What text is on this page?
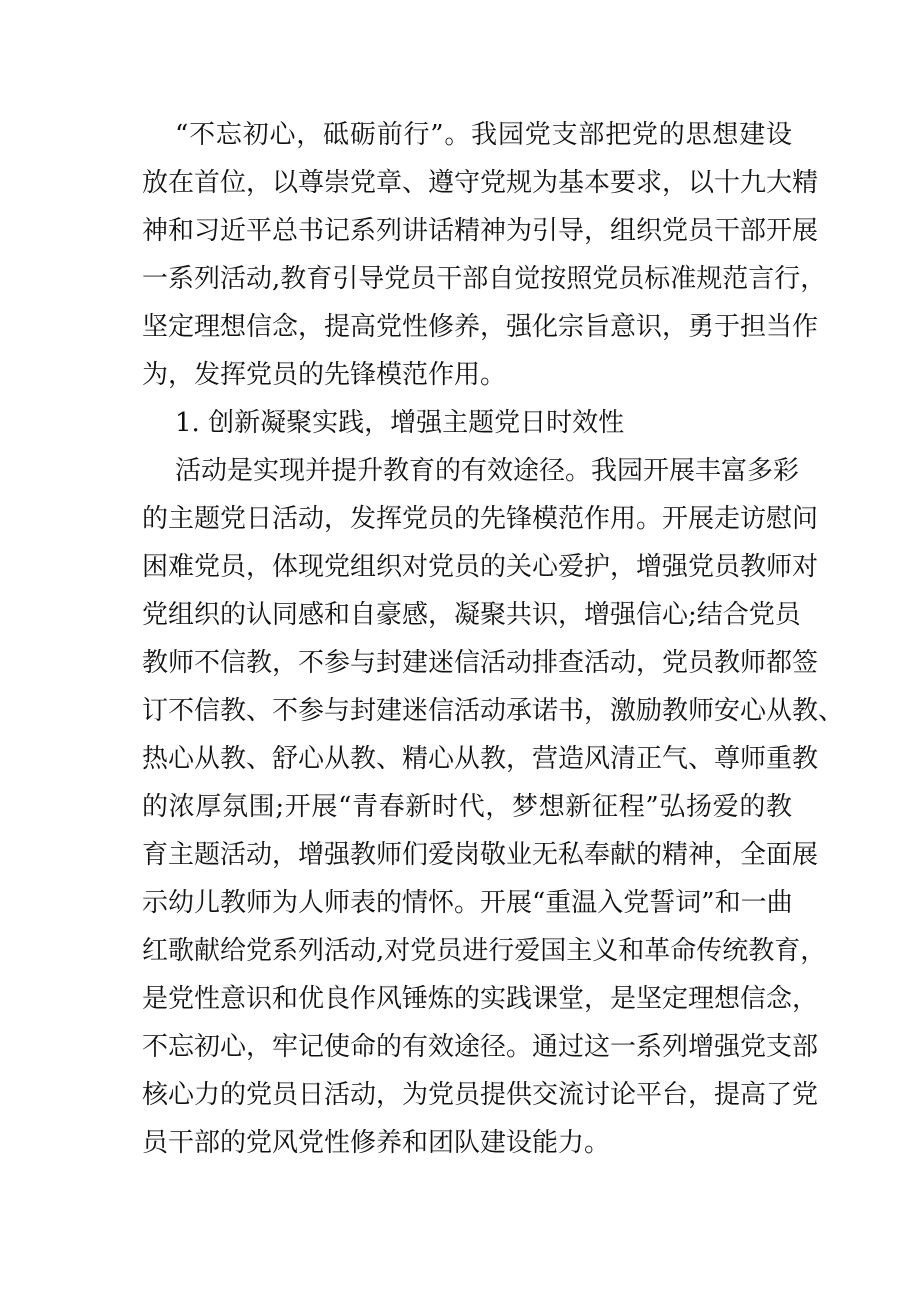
“不忘初心，砥砺前行”。我园党支部把党的思想建设
放在首位，以尊崇党章、遵守党规为基本要求，以十九大精
神和习近平总书记系列讲话精神为引导，组织党员干部开展
一系列活动,教育引导党员干部自觉按照党员标准规范言行，
坚定理想信念，提高党性修养，强化宗旨意识，勇于担当作
为，发挥党员的先锋模范作用。
1. 创新凝聚实践，增强主题党日时效性
活动是实现并提升教育的有效途径。我园开展丰富多彩
的主题党日活动，发挥党员的先锋模范作用。开展走访慰问
困难党员，体现党组织对党员的关心爱护，增强党员教师对
党组织的认同感和自豪感，凝聚共识，增强信心;结合党员
教师不信教，不参与封建迷信活动排查活动，党员教师都签
订不信教、不参与封建迷信活动承诺书，激励教师安心从教、
热心从教、舒心从教、精心从教，营造风清正气、尊师重教
的浓厚氛围;开展“青春新时代，梦想新征程”弘扬爱的教
育主题活动，增强教师们爱岗敬业无私奉献的精神，全面展
示幼儿教师为人师表的情怀。开展“重温入党誓词”和一曲
红歌献给党系列活动,对党员进行爱国主义和革命传统教育，
是党性意识和优良作风锤炼的实践课堂，是坚定理想信念，
不忘初心，牢记使命的有效途径。通过这一系列增强党支部
核心力的党员日活动，为党员提供交流讨论平台，提高了党
员干部的党风党性修养和团队建设能力。
